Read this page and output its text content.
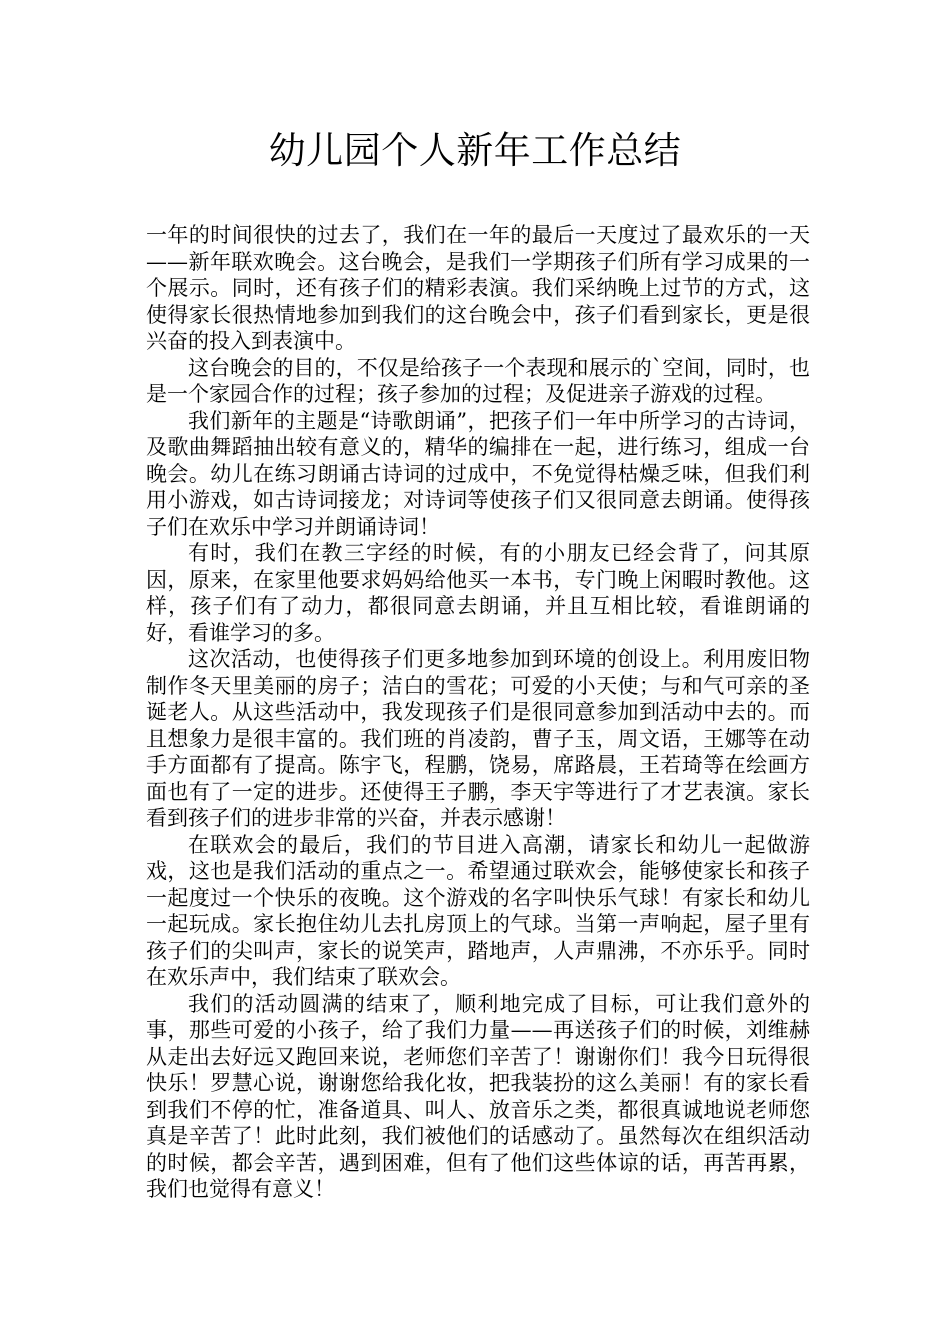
幼儿园个人新年工作总结

一年的时间很快的过去了，我们在一年的最后一天度过了最欢乐的一天——新年联欢晚会。这台晚会，是我们一学期孩子们所有学习成果的一个展示。同时，还有孩子们的精彩表演。我们采纳晚上过节的方式，这使得家长很热情地参加到我们的这台晚会中，孩子们看到家长，更是很兴奋的投入到表演中。

这台晚会的目的，不仅是给孩子一个表现和展示的`空间，同时，也是一个家园合作的过程；孩子参加的过程；及促进亲子游戏的过程。

我们新年的主题是“诗歌朗诵”，把孩子们一年中所学习的古诗词，及歌曲舞蹈抽出较有意义的，精华的编排在一起，进行练习，组成一台晚会。幼儿在练习朗诵古诗词的过成中，不免觉得枯燥乏味，但我们利用小游戏，如古诗词接龙；对诗词等使孩子们又很同意去朗诵。使得孩子们在欢乐中学习并朗诵诗词！

有时，我们在教三字经的时候，有的小朋友已经会背了，问其原因，原来，在家里他要求妈妈给他买一本书，专门晚上闲暇时教他。这样，孩子们有了动力，都很同意去朗诵，并且互相比较，看谁朗诵的好，看谁学习的多。

这次活动，也使得孩子们更多地参加到环境的创设上。利用废旧物制作冬天里美丽的房子；洁白的雪花；可爱的小天使；与和气可亲的圣诞老人。从这些活动中，我发现孩子们是很同意参加到活动中去的。而且想象力是很丰富的。我们班的肖凌韵，曹子玉，周文语，王娜等在动手方面都有了提高。陈宇飞，程鹏，饶易，席路晨，王若琦等在绘画方面也有了一定的进步。还使得王子鹏，李天宇等进行了才艺表演。家长看到孩子们的进步非常的兴奋，并表示感谢！

在联欢会的最后，我们的节目进入高潮，请家长和幼儿一起做游戏，这也是我们活动的重点之一。希望通过联欢会，能够使家长和孩子一起度过一个快乐的夜晚。这个游戏的名字叫快乐气球！有家长和幼儿一起玩成。家长抱住幼儿去扎房顶上的气球。当第一声响起，屋子里有孩子们的尖叫声，家长的说笑声，踏地声，人声鼎沸，不亦乐乎。同时在欢乐声中，我们结束了联欢会。

我们的活动圆满的结束了，顺利地完成了目标，可让我们意外的事，那些可爱的小孩子，给了我们力量——再送孩子们的时候，刘维赫从走出去好远又跑回来说，老师您们辛苦了！谢谢你们！我今日玩得很快乐！罗慧心说，谢谢您给我化妆，把我装扮的这么美丽！有的家长看到我们不停的忙，准备道具、叫人、放音乐之类，都很真诚地说老师您真是辛苦了！此时此刻，我们被他们的话感动了。虽然每次在组织活动的时候，都会辛苦，遇到困难，但有了他们这些体谅的话，再苦再累，我们也觉得有意义！
